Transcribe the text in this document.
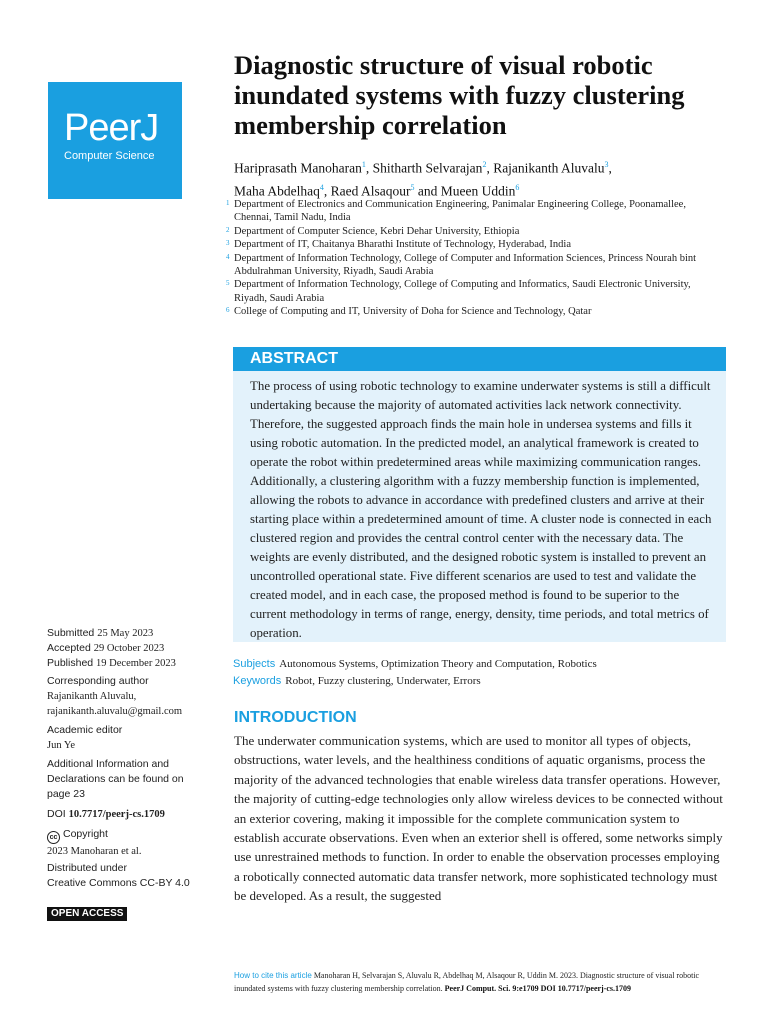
PeerJ
Computer Science
Diagnostic structure of visual robotic inundated systems with fuzzy clustering membership correlation
Hariprasath Manoharan$^1$, Shitharth Selvarajan$^2$, Rajanikanth Aluvalu$^3$,
Maha Abdelhaq$^4$, Raed Alsaqour$^5$ and Mueen Uddin$^6$
1 Department of Electronics and Communication Engineering, Panimalar Engineering College, Poonamallee, Chennai, Tamil Nadu, India
2 Department of Computer Science, Kebri Dehar University, Ethiopia
3 Department of IT, Chaitanya Bharathi Institute of Technology, Hyderabad, India
4 Department of Information Technology, College of Computer and Information Sciences, Princess Nourah bint Abdulrahman University, Riyadh, Saudi Arabia
5 Department of Information Technology, College of Computing and Informatics, Saudi Electronic University, Riyadh, Saudi Arabia
6 College of Computing and IT, University of Doha for Science and Technology, Qatar
ABSTRACT
The process of using robotic technology to examine underwater systems is still a difficult undertaking because the majority of automated activities lack network connectivity. Therefore, the suggested approach finds the main hole in undersea systems and fills it using robotic automation. In the predicted model, an analytical framework is created to operate the robot within predetermined areas while maximizing communication ranges. Additionally, a clustering algorithm with a fuzzy membership function is implemented, allowing the robots to advance in accordance with predefined clusters and arrive at their starting place within a predetermined amount of time. A cluster node is connected in each clustered region and provides the central control center with the necessary data. The weights are evenly distributed, and the designed robotic system is installed to prevent an uncontrolled operational state. Five different scenarios are used to test and validate the created model, and in each case, the proposed method is found to be superior to the current methodology in terms of range, energy, density, time periods, and total metrics of operation.
Subjects Autonomous Systems, Optimization Theory and Computation, Robotics
Keywords Robot, Fuzzy clustering, Underwater, Errors
INTRODUCTION
The underwater communication systems, which are used to monitor all types of objects, obstructions, water levels, and the healthiness conditions of aquatic organisms, process the majority of the advanced technologies that enable wireless data transfer operations. However, the majority of cutting-edge technologies only allow wireless devices to be connected without an exterior covering, making it impossible for the complete communication system to establish accurate observations. Even when an exterior shell is offered, some networks simply use unrestrained methods to function. In order to enable the observation processes employing a robotically connected automatic data transfer network, more sophisticated technology must be developed. As a result, the suggested
Submitted 25 May 2023
Accepted 29 October 2023
Published 19 December 2023
Corresponding author
Rajanikanth Aluvalu,
rajanikanth.aluvalu@gmail.com
Academic editor
Jun Ye
Additional Information and Declarations can be found on page 23
DOI 10.7717/peerj-cs.1709
cc Copyright
2023 Manoharan et al.
Distributed under
Creative Commons CC-BY 4.0
OPEN ACCESS
How to cite this article Manoharan H, Selvarajan S, Aluvalu R, Abdelhaq M, Alsaqour R, Uddin M. 2023. Diagnostic structure of visual robotic inundated systems with fuzzy clustering membership correlation. PeerJ Comput. Sci. 9:e1709 DOI 10.7717/peerj-cs.1709
